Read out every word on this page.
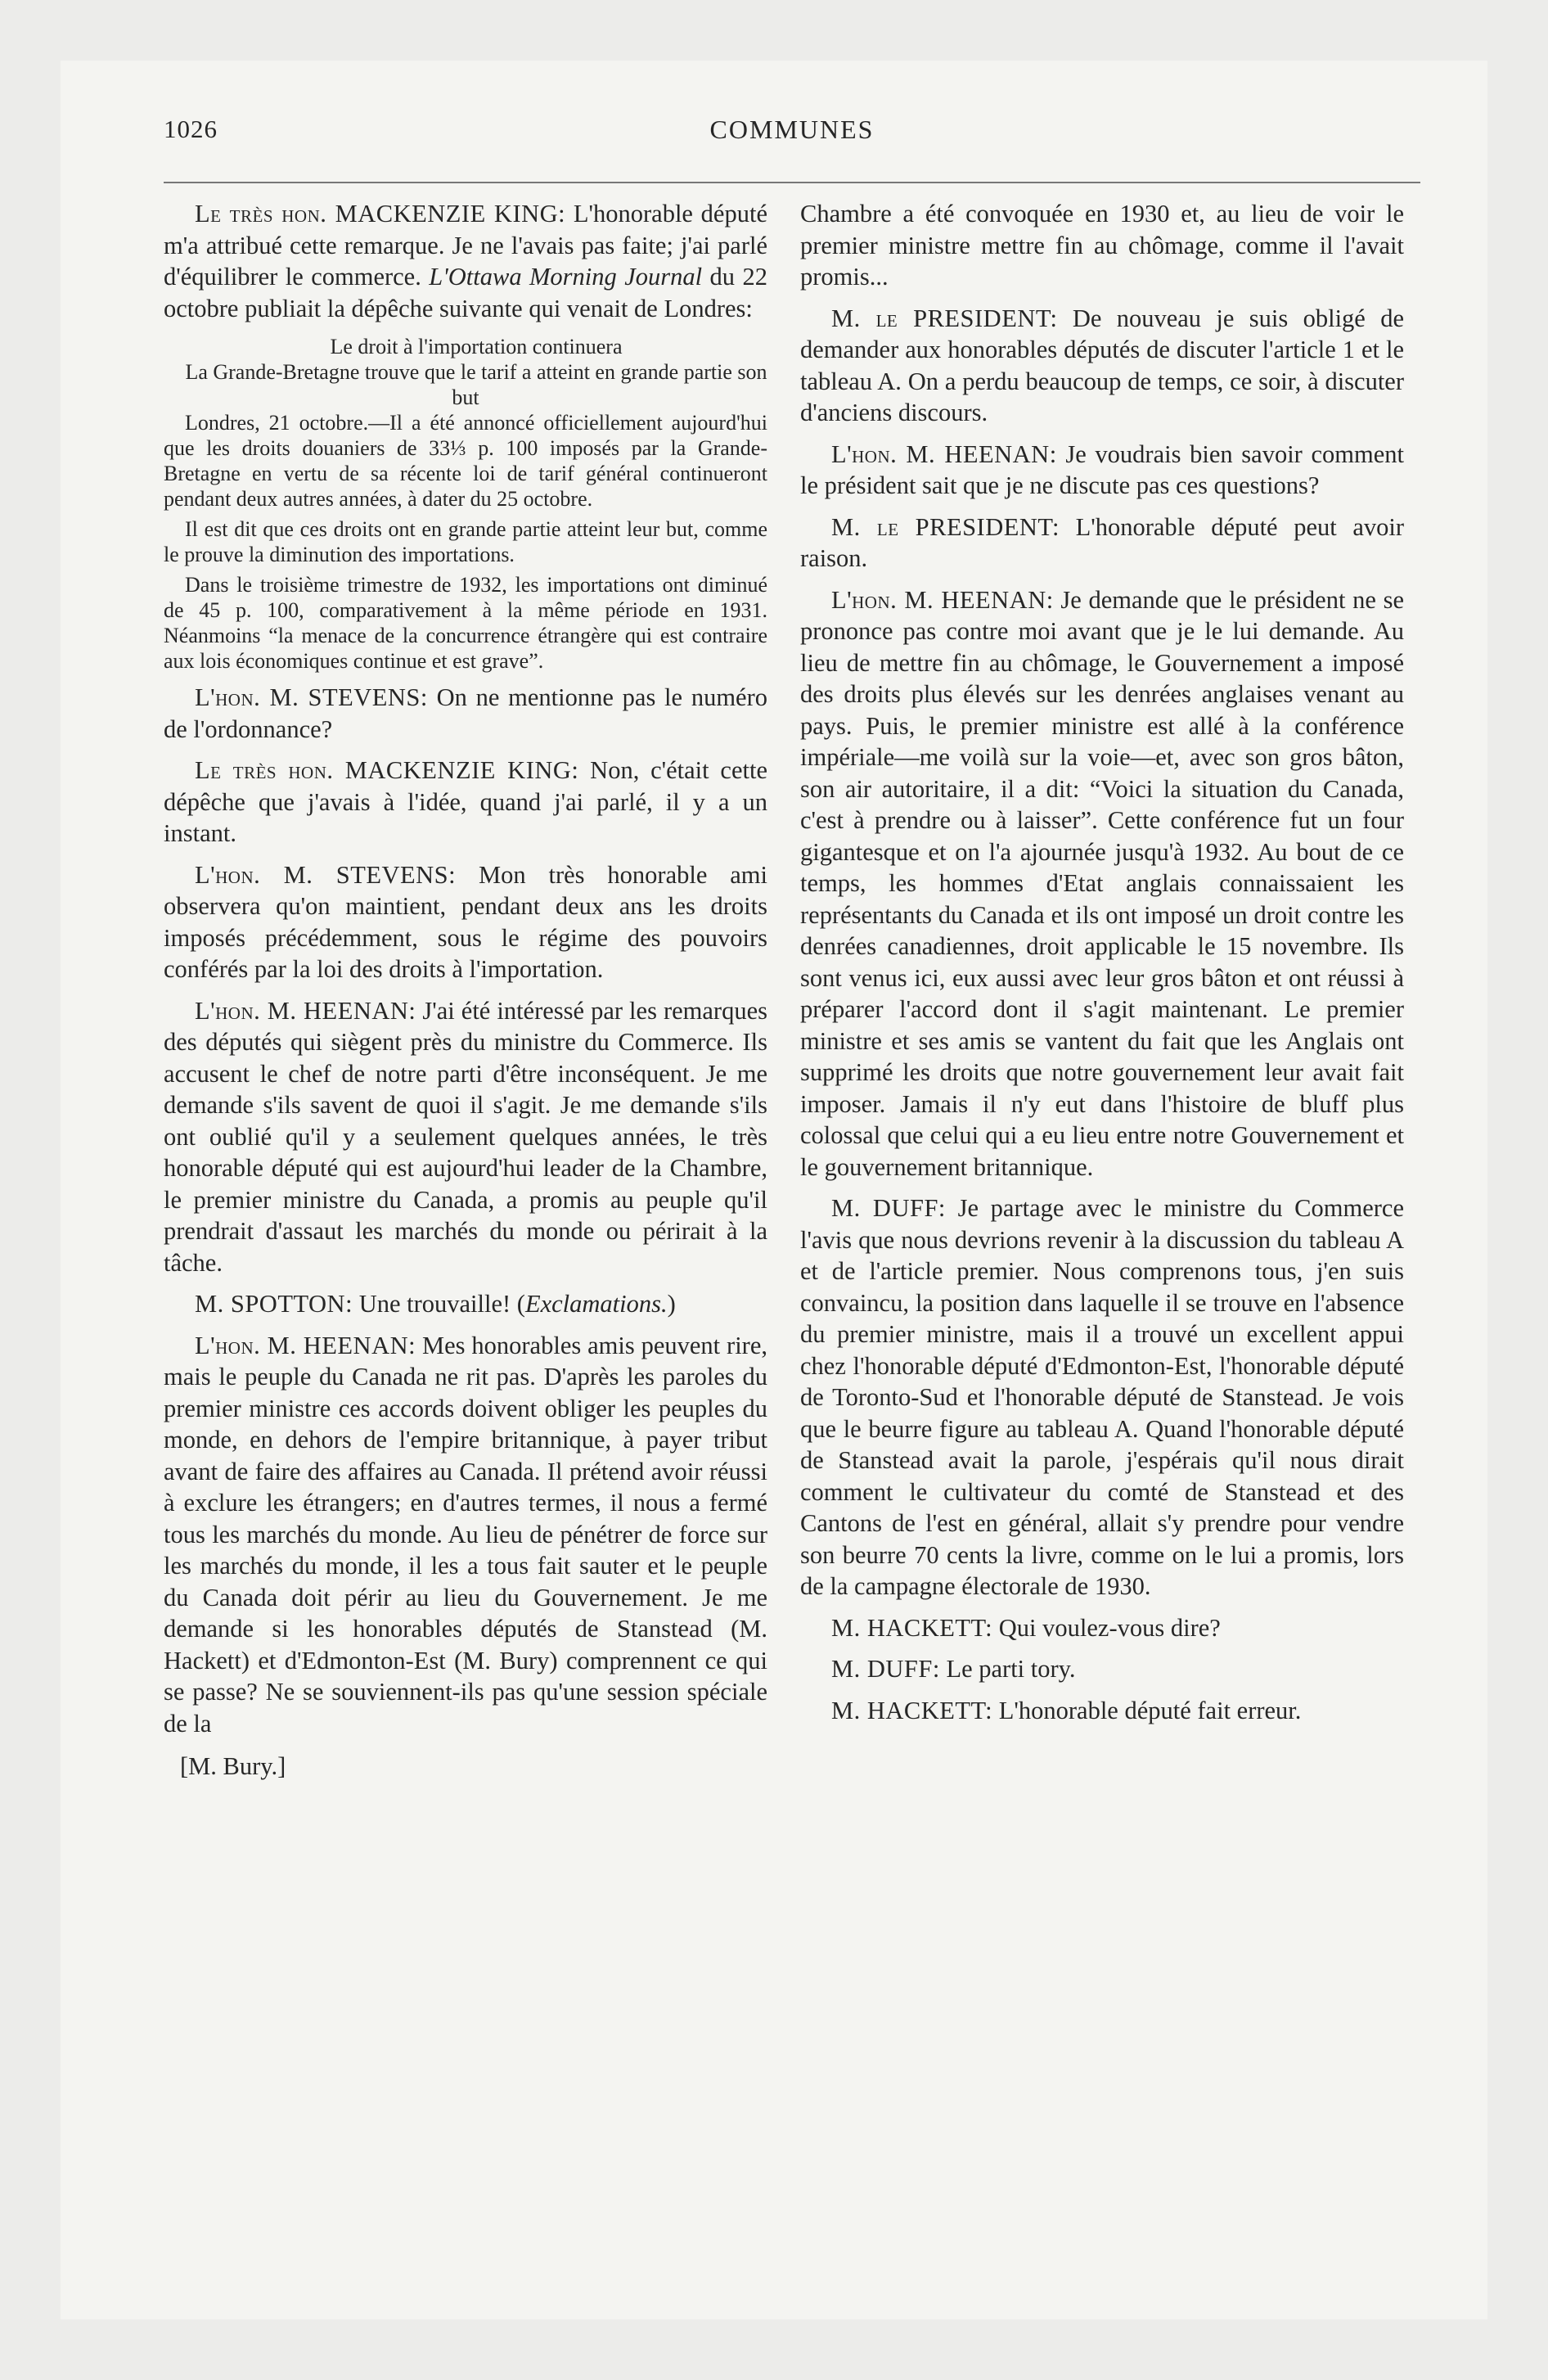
1026	COMMUNES

Le très hon. MACKENZIE KING: L'honorable député m'a attribué cette remarque. Je ne l'avais pas faite; j'ai parlé d'équilibrer le commerce. L'Ottawa Morning Journal du 22 octobre publiait la dépêche suivante qui venait de Londres:

Le droit à l'importation continuera

La Grande-Bretagne trouve que le tarif a atteint en grande partie son but

Londres, 21 octobre.—Il a été annoncé officiellement aujourd'hui que les droits douaniers de 33⅓ p. 100 imposés par la Grande-Bretagne en vertu de sa récente loi de tarif général continueront pendant deux autres années, à dater du 25 octobre.

Il est dit que ces droits ont en grande partie atteint leur but, comme le prouve la diminution des importations.

Dans le troisième trimestre de 1932, les importations ont diminué de 45 p. 100, comparativement à la même période en 1931. Néanmoins “la menace de la concurrence étrangère qui est contraire aux lois économiques continue et est grave”.

L'hon. M. STEVENS: On ne mentionne pas le numéro de l'ordonnance?

Le très hon. MACKENZIE KING: Non, c'était cette dépêche que j'avais à l'idée, quand j'ai parlé, il y a un instant.

L'hon. M. STEVENS: Mon très honorable ami observera qu'on maintient, pendant deux ans les droits imposés précédemment, sous le régime des pouvoirs conférés par la loi des droits à l'importation.

L'hon. M. HEENAN: J'ai été intéressé par les remarques des députés qui siègent près du ministre du Commerce. Ils accusent le chef de notre parti d'être inconséquent. Je me demande s'ils savent de quoi il s'agit. Je me demande s'ils ont oublié qu'il y a seulement quelques années, le très honorable député qui est aujourd'hui leader de la Chambre, le premier ministre du Canada, a promis au peuple qu'il prendrait d'assaut les marchés du monde ou périrait à la tâche.

M. SPOTTON: Une trouvaille! (Exclamations.)

L'hon. M. HEENAN: Mes honorables amis peuvent rire, mais le peuple du Canada ne rit pas. D'après les paroles du premier ministre ces accords doivent obliger les peuples du monde, en dehors de l'empire britannique, à payer tribut avant de faire des affaires au Canada. Il prétend avoir réussi à exclure les étrangers; en d'autres termes, il nous a fermé tous les marchés du monde. Au lieu de pénétrer de force sur les marchés du monde, il les a tous fait sauter et le peuple du Canada doit périr au lieu du Gouvernement. Je me demande si les honorables députés de Stanstead (M. Hackett) et d'Edmonton-Est (M. Bury) comprennent ce qui se passe? Ne se souviennent-ils pas qu'une session spéciale de la

[M. Bury.]

Chambre a été convoquée en 1930 et, au lieu de voir le premier ministre mettre fin au chômage, comme il l'avait promis...

M. le PRESIDENT: De nouveau je suis obligé de demander aux honorables députés de discuter l'article 1 et le tableau A. On a perdu beaucoup de temps, ce soir, à discuter d'anciens discours.

L'hon. M. HEENAN: Je voudrais bien savoir comment le président sait que je ne discute pas ces questions?

M. le PRESIDENT: L'honorable député peut avoir raison.

L'hon. M. HEENAN: Je demande que le président ne se prononce pas contre moi avant que je le lui demande. Au lieu de mettre fin au chômage, le Gouvernement a imposé des droits plus élevés sur les denrées anglaises venant au pays. Puis, le premier ministre est allé à la conférence impériale—me voilà sur la voie—et, avec son gros bâton, son air autoritaire, il a dit: “Voici la situation du Canada, c'est à prendre ou à laisser”. Cette conférence fut un four gigantesque et on l'a ajournée jusqu'à 1932. Au bout de ce temps, les hommes d'Etat anglais connaissaient les représentants du Canada et ils ont imposé un droit contre les denrées canadiennes, droit applicable le 15 novembre. Ils sont venus ici, eux aussi avec leur gros bâton et ont réussi à préparer l'accord dont il s'agit maintenant. Le premier ministre et ses amis se vantent du fait que les Anglais ont supprimé les droits que notre gouvernement leur avait fait imposer. Jamais il n'y eut dans l'histoire de bluff plus colossal que celui qui a eu lieu entre notre Gouvernement et le gouvernement britannique.

M. DUFF: Je partage avec le ministre du Commerce l'avis que nous devrions revenir à la discussion du tableau A et de l'article premier. Nous comprenons tous, j'en suis convaincu, la position dans laquelle il se trouve en l'absence du premier ministre, mais il a trouvé un excellent appui chez l'honorable député d'Edmonton-Est, l'honorable député de Toronto-Sud et l'honorable député de Stanstead. Je vois que le beurre figure au tableau A. Quand l'honorable député de Stanstead avait la parole, j'espérais qu'il nous dirait comment le cultivateur du comté de Stanstead et des Cantons de l'est en général, allait s'y prendre pour vendre son beurre 70 cents la livre, comme on le lui a promis, lors de la campagne électorale de 1930.

M. HACKETT: Qui voulez-vous dire?

M. DUFF: Le parti tory.

M. HACKETT: L'honorable député fait erreur.
